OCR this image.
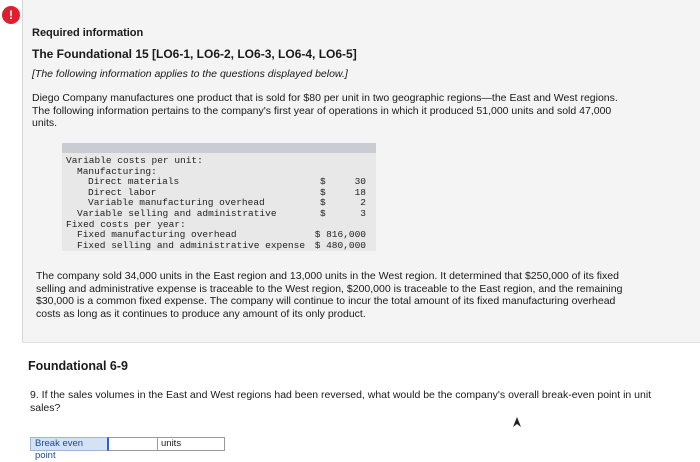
!
Required information
The Foundational 15 [LO6-1, LO6-2, LO6-3, LO6-4, LO6-5]
[The following information applies to the questions displayed below.]
Diego Company manufactures one product that is sold for $80 per unit in two geographic regions—the East and West regions. The following information pertains to the company's first year of operations in which it produced 51,000 units and sold 47,000 units.
Variable costs per unit:
Manufacturing:
Direct materials	$	30
Direct labor	$	18
Variable manufacturing overhead	$	2
Variable selling and administrative	$	3
Fixed costs per year:
Fixed manufacturing overhead	$ 816,000
Fixed selling and administrative expense $ 480,000
The company sold 34,000 units in the East region and 13,000 units in the West region. It determined that $250,000 of its fixed selling and administrative expense is traceable to the West region, $200,000 is traceable to the East region, and the remaining $30,000 is a common fixed expense. The company will continue to incur the total amount of its fixed manufacturing overhead costs as long as it continues to produce any amount of its only product.
Foundational 6-9
9. If the sales volumes in the East and West regions had been reversed, what would be the company's overall break-even point in unit sales?
Break even point
units
